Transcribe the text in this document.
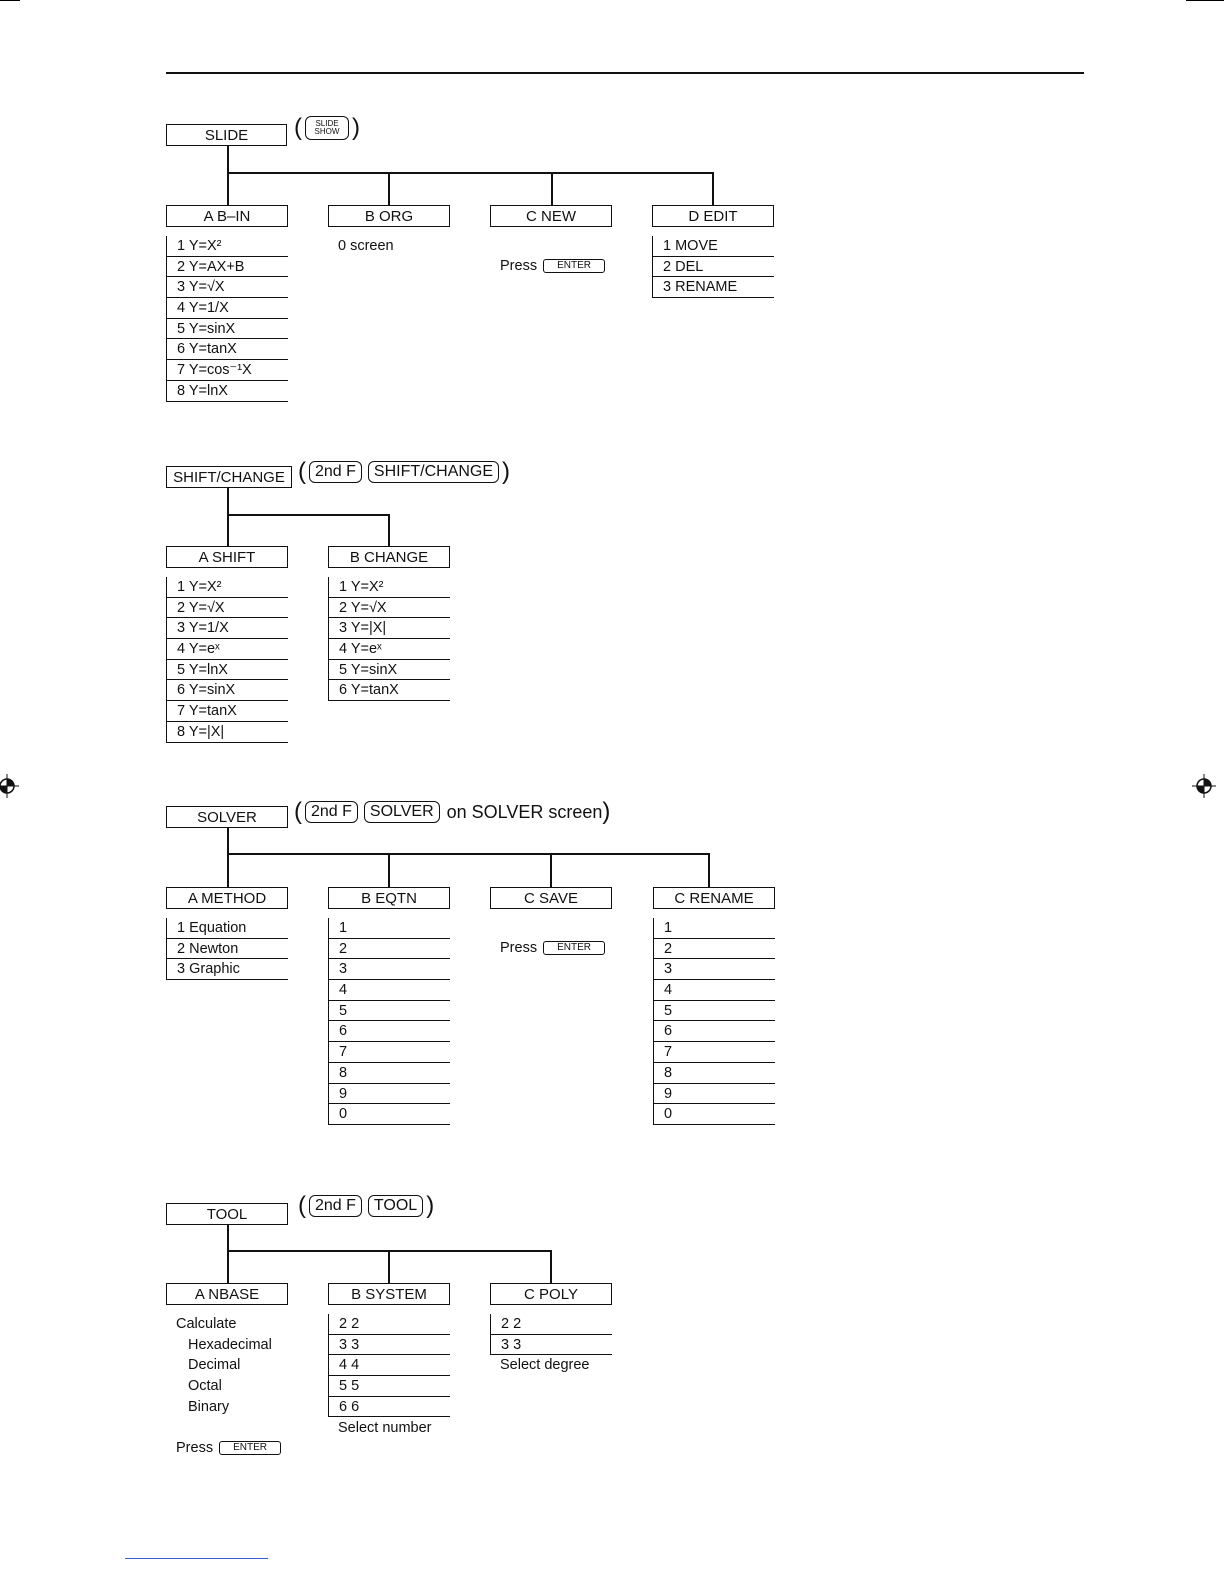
SLIDE	(	SLIDE SHOW )
A B–IN
1 Y=X²
2 Y=AX+B
3 Y=√X
4 Y=1/X
5 Y=sinX
6 Y=tanX
7 Y=cos⁻¹X
8 Y=lnX
B ORG
0 screen
C NEW
Press	ENTER
D EDIT
1 MOVE
2 DEL
3 RENAME
SHIFT/CHANGE ( 2nd F	SHIFT/CHANGE )
A SHIFT
1 Y=X²
2 Y=√X
3 Y=1/X
4 Y=eˣ
5 Y=lnX
6 Y=sinX
7 Y=tanX
8 Y=|X|
B CHANGE
1 Y=X²
2 Y=√X
3 Y=|X|
4 Y=eˣ
5 Y=sinX
6 Y=tanX
SOLVER	( 2nd F	SOLVER on SOLVER screen )
A METHOD
1 Equation
2 Newton
3 Graphic
B EQTN
1
2
3
4
5
6
7
8
9
0
C SAVE
Press	ENTER
C RENAME
1
2
3
4
5
6
7
8
9
0
TOOL	( 2nd F	TOOL )
A NBASE
Calculate
Hexadecimal
Decimal
Octal
Binary
Press	ENTER
B SYSTEM
2 2
3 3
4 4
5 5
6 6
Select number
C POLY
2 2
3 3
Select degree
